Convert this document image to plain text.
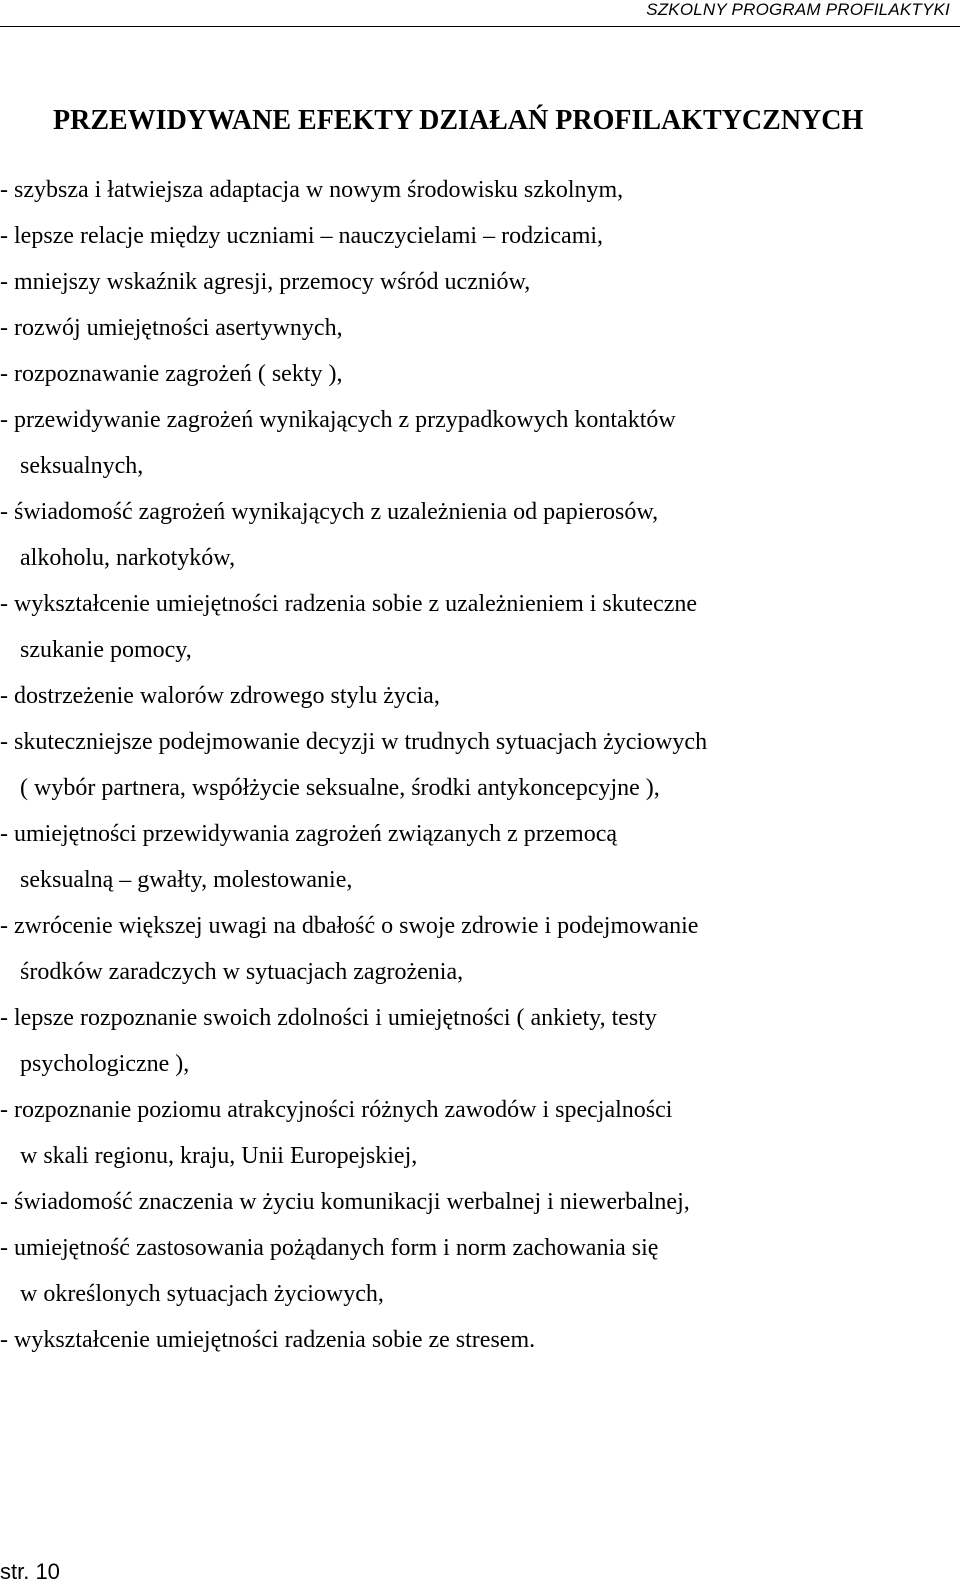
SZKOLNY PROGRAM PROFILAKTYKI
PRZEWIDYWANE EFEKTY DZIAŁAŃ PROFILAKTYCZNYCH
- szybsza i łatwiejsza adaptacja w nowym środowisku szkolnym,
- lepsze relacje między uczniami – nauczycielami – rodzicami,
- mniejszy wskaźnik agresji, przemocy wśród uczniów,
- rozwój umiejętności asertywnych,
- rozpoznawanie zagrożeń ( sekty ),
- przewidywanie zagrożeń wynikających z przypadkowych kontaktów
seksualnych,
- świadomość zagrożeń wynikających z uzależnienia od papierosów,
alkoholu, narkotyków,
- wykształcenie umiejętności radzenia sobie z uzależnieniem i skuteczne
szukanie pomocy,
- dostrzeżenie walorów zdrowego stylu życia,
- skuteczniejsze podejmowanie decyzji w trudnych sytuacjach życiowych
( wybór partnera, współżycie seksualne, środki antykoncepcyjne ),
- umiejętności przewidywania zagrożeń związanych z przemocą
seksualną – gwałty, molestowanie,
- zwrócenie większej uwagi na dbałość o swoje zdrowie i podejmowanie
środków zaradczych w sytuacjach zagrożenia,
- lepsze rozpoznanie swoich zdolności i umiejętności ( ankiety, testy
psychologiczne ),
- rozpoznanie poziomu atrakcyjności różnych zawodów i specjalności
w skali regionu, kraju, Unii Europejskiej,
- świadomość znaczenia w życiu komunikacji werbalnej i niewerbalnej,
- umiejętność zastosowania pożądanych form i norm zachowania się
w określonych sytuacjach życiowych,
- wykształcenie umiejętności radzenia sobie ze stresem.
str. 10
